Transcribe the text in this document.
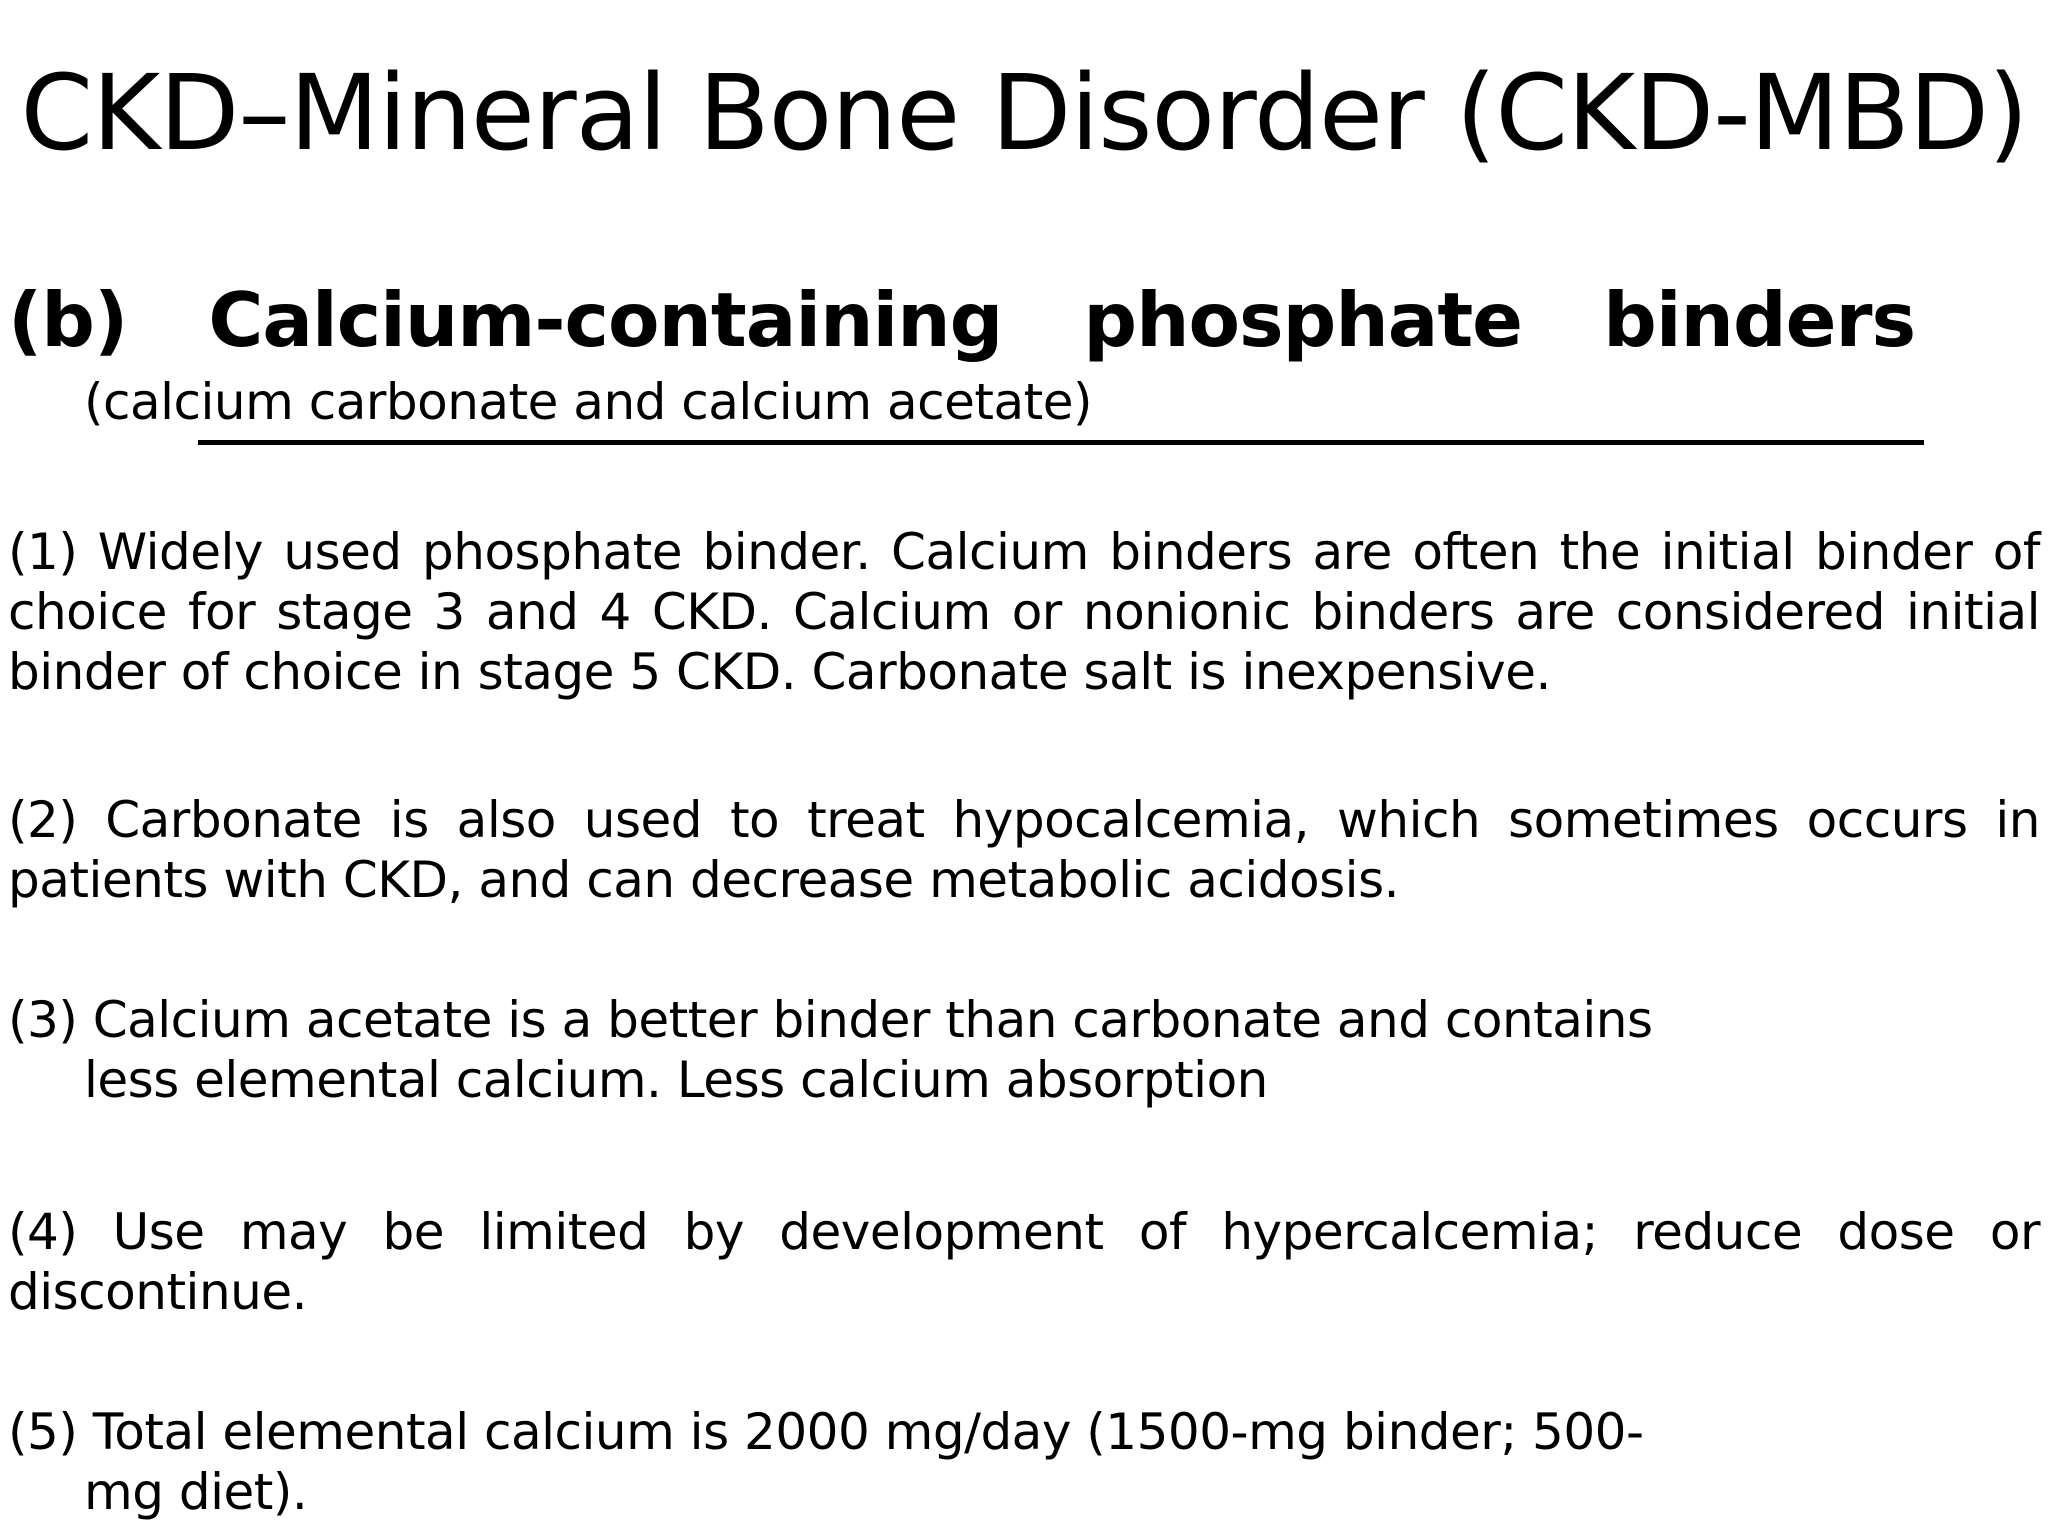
CKD–Mineral Bone Disorder (CKD-MBD)
(b) Calcium-containing phosphate binders

(calcium carbonate and calcium acetate)

(1) Widely used phosphate binder. Calcium binders are often the initial binder of choice for stage 3 and 4 CKD. Calcium or nonionic binders are considered initial binder of choice in stage 5 CKD. Carbonate salt is inexpensive.

(2) Carbonate is also used to treat hypocalcemia, which sometimes occurs in patients with CKD, and can decrease metabolic acidosis.

(3) Calcium acetate is a better binder than carbonate and contains
less elemental calcium. Less calcium absorption

(4) Use may be limited by development of hypercalcemia; reduce dose or discontinue.

(5) Total elemental calcium is 2000 mg/day (1500-mg binder; 500-
mg diet).
